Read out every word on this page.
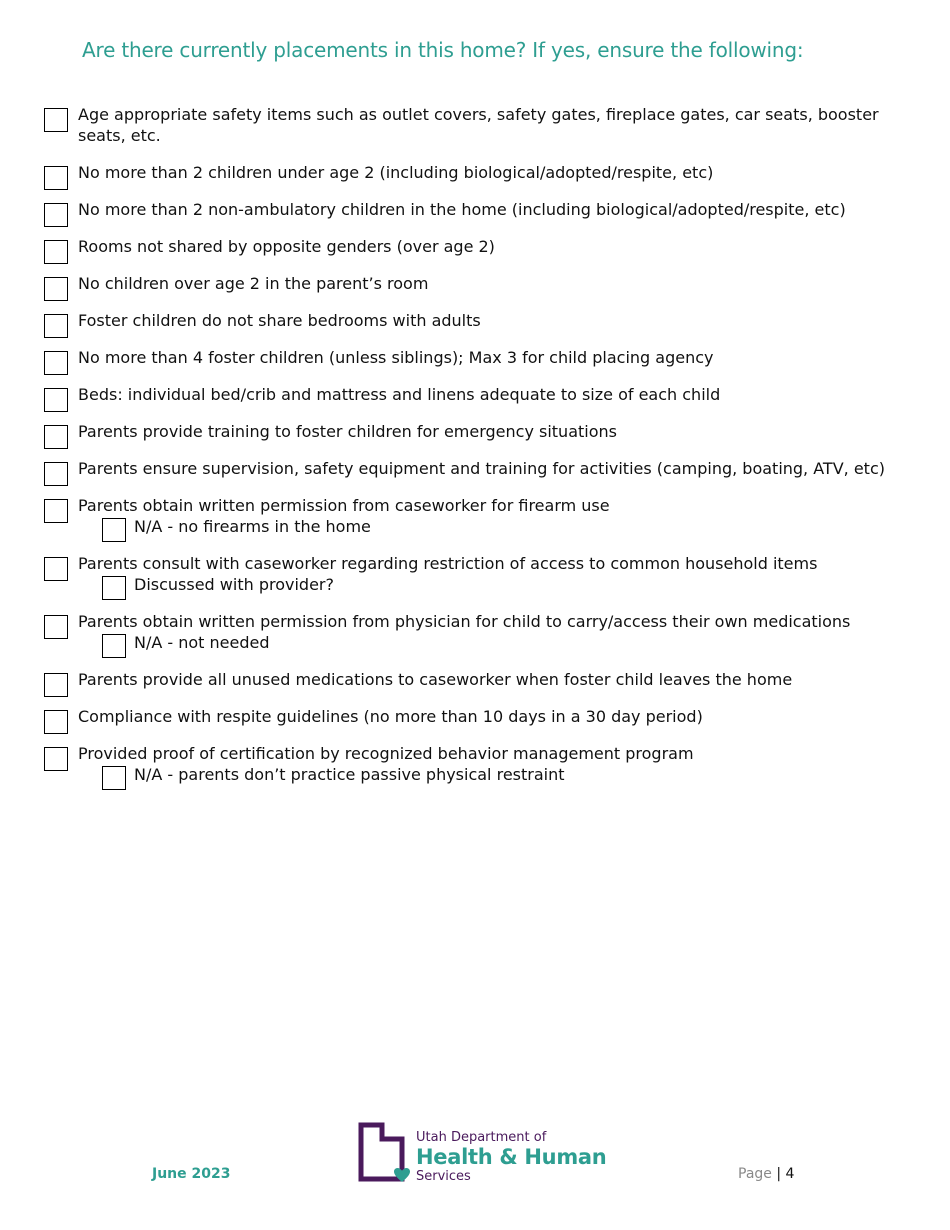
Are there currently placements in this home? If yes, ensure the following:
Age appropriate safety items such as outlet covers, safety gates, fireplace gates, car seats, booster seats, etc.
No more than 2 children under age 2 (including biological/adopted/respite, etc)
No more than 2 non-ambulatory children in the home (including biological/adopted/respite, etc)
Rooms not shared by opposite genders (over age 2)
No children over age 2 in the parent’s room
Foster children do not share bedrooms with adults
No more than 4 foster children (unless siblings); Max 3 for child placing agency
Beds: individual bed/crib and mattress and linens adequate to size of each child
Parents provide training to foster children for emergency situations
Parents ensure supervision, safety equipment and training for activities (camping, boating, ATV, etc)
Parents obtain written permission from caseworker for firearm use
N/A - no firearms in the home
Parents consult with caseworker regarding restriction of access to common household items
Discussed with provider?
Parents obtain written permission from physician for child to carry/access their own medications
N/A - not needed
Parents provide all unused medications to caseworker when foster child leaves the home
Compliance with respite guidelines (no more than 10 days in a 30 day period)
Provided proof of certification by recognized behavior management program
N/A - parents don’t practice passive physical restraint
June 2023
Utah Department of
Health & Human
Services	Page | 4
